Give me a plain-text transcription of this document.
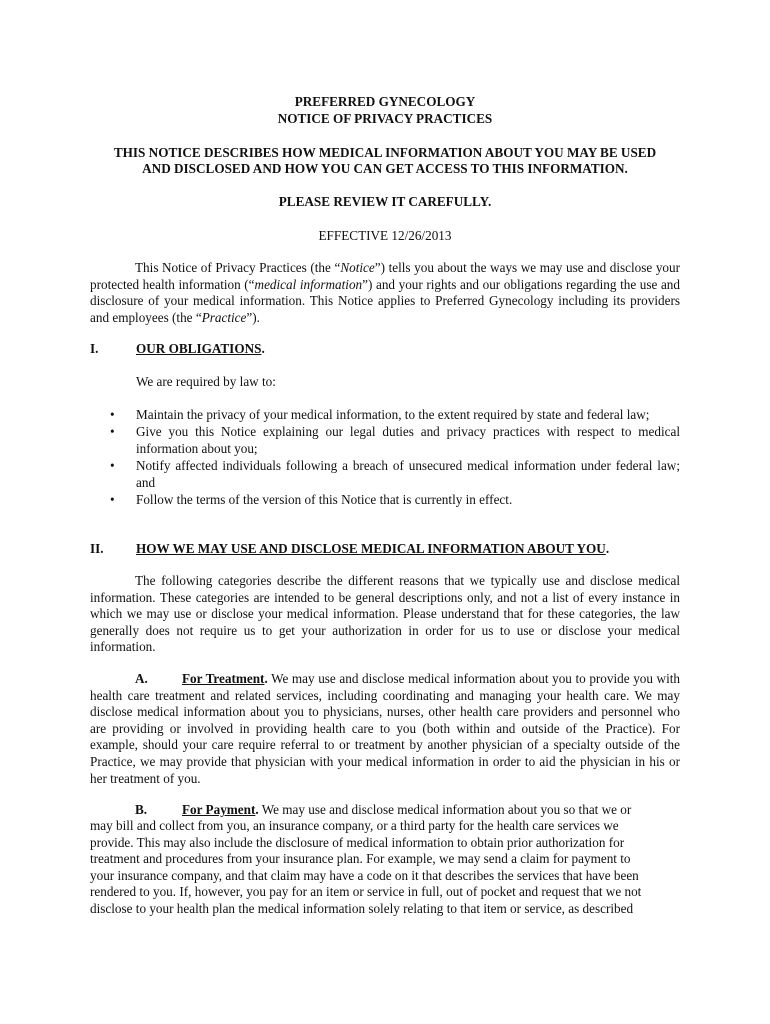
PREFERRED GYNECOLOGY
NOTICE OF PRIVACY PRACTICES
THIS NOTICE DESCRIBES HOW MEDICAL INFORMATION ABOUT YOU MAY BE USED
AND DISCLOSED AND HOW YOU CAN GET ACCESS TO THIS INFORMATION.
PLEASE REVIEW IT CAREFULLY.
EFFECTIVE 12/26/2013
This Notice of Privacy Practices (the “Notice”) tells you about the ways we may use and disclose your protected health information (“medical information”) and your rights and our obligations regarding the use and disclosure of your medical information. This Notice applies to Preferred Gynecology including its providers and employees (the “Practice”).
I.	OUR OBLIGATIONS.
We are required by law to:
• Maintain the privacy of your medical information, to the extent required by state and federal law;
• Give you this Notice explaining our legal duties and privacy practices with respect to medical information about you;
• Notify affected individuals following a breach of unsecured medical information under federal law; and
• Follow the terms of the version of this Notice that is currently in effect.
II. HOW WE MAY USE AND DISCLOSE MEDICAL INFORMATION ABOUT YOU.
The following categories describe the different reasons that we typically use and disclose medical information. These categories are intended to be general descriptions only, and not a list of every instance in which we may use or disclose your medical information. Please understand that for these categories, the law generally does not require us to get your authorization in order for us to use or disclose your medical information.
A.	For Treatment. We may use and disclose medical information about you to provide you with health care treatment and related services, including coordinating and managing your health care. We may disclose medical information about you to physicians, nurses, other health care providers and personnel who are providing or involved in providing health care to you (both within and outside of the Practice). For example, should your care require referral to or treatment by another physician of a specialty outside of the Practice, we may provide that physician with your medical information in order to aid the physician in his or her treatment of you.
B.	For Payment. We may use and disclose medical information about you so that we or
may bill and collect from you, an insurance company, or a third party for the health care services we
provide. This may also include the disclosure of medical information to obtain prior authorization for
treatment and procedures from your insurance plan. For example, we may send a claim for payment to
your insurance company, and that claim may have a code on it that describes the services that have been
rendered to you. If, however, you pay for an item or service in full, out of pocket and request that we not
disclose to your health plan the medical information solely relating to that item or service, as described
